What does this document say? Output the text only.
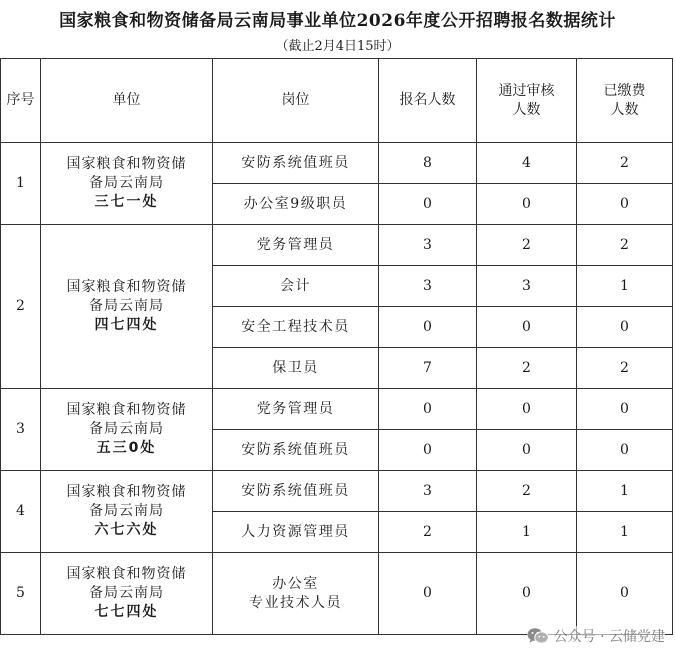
国家粮食和物资储备局云南局事业单位2026年度公开招聘报名数据统计
（截止2月4日15时）
序号	单位	岗位	报名人数	通过审核人数	已缴费人数
1	国家粮食和物资储
备局云南局
三七一处	安防系统值班员	8	4	2

		办公室9级职员	0	0	0
2	国家粮食和物资储
备局云南局
四七四处	党务管理员	3	2	2

		会计	3	3	1

		安全工程技术员	0	0	0

		保卫员	7	2	2
3	国家粮食和物资储
备局云南局
五三0处	党务管理员	0	0	0

		安防系统值班员	0	0	0
4	国家粮食和物资储
备局云南局
六七六处	安防系统值班员	3	2	1

		人力资源管理员	2	1	1
5	国家粮食和物资储
备局云南局
七七四处	办公室
专业技术人员	0	0	0
公众号 · 云储党建
